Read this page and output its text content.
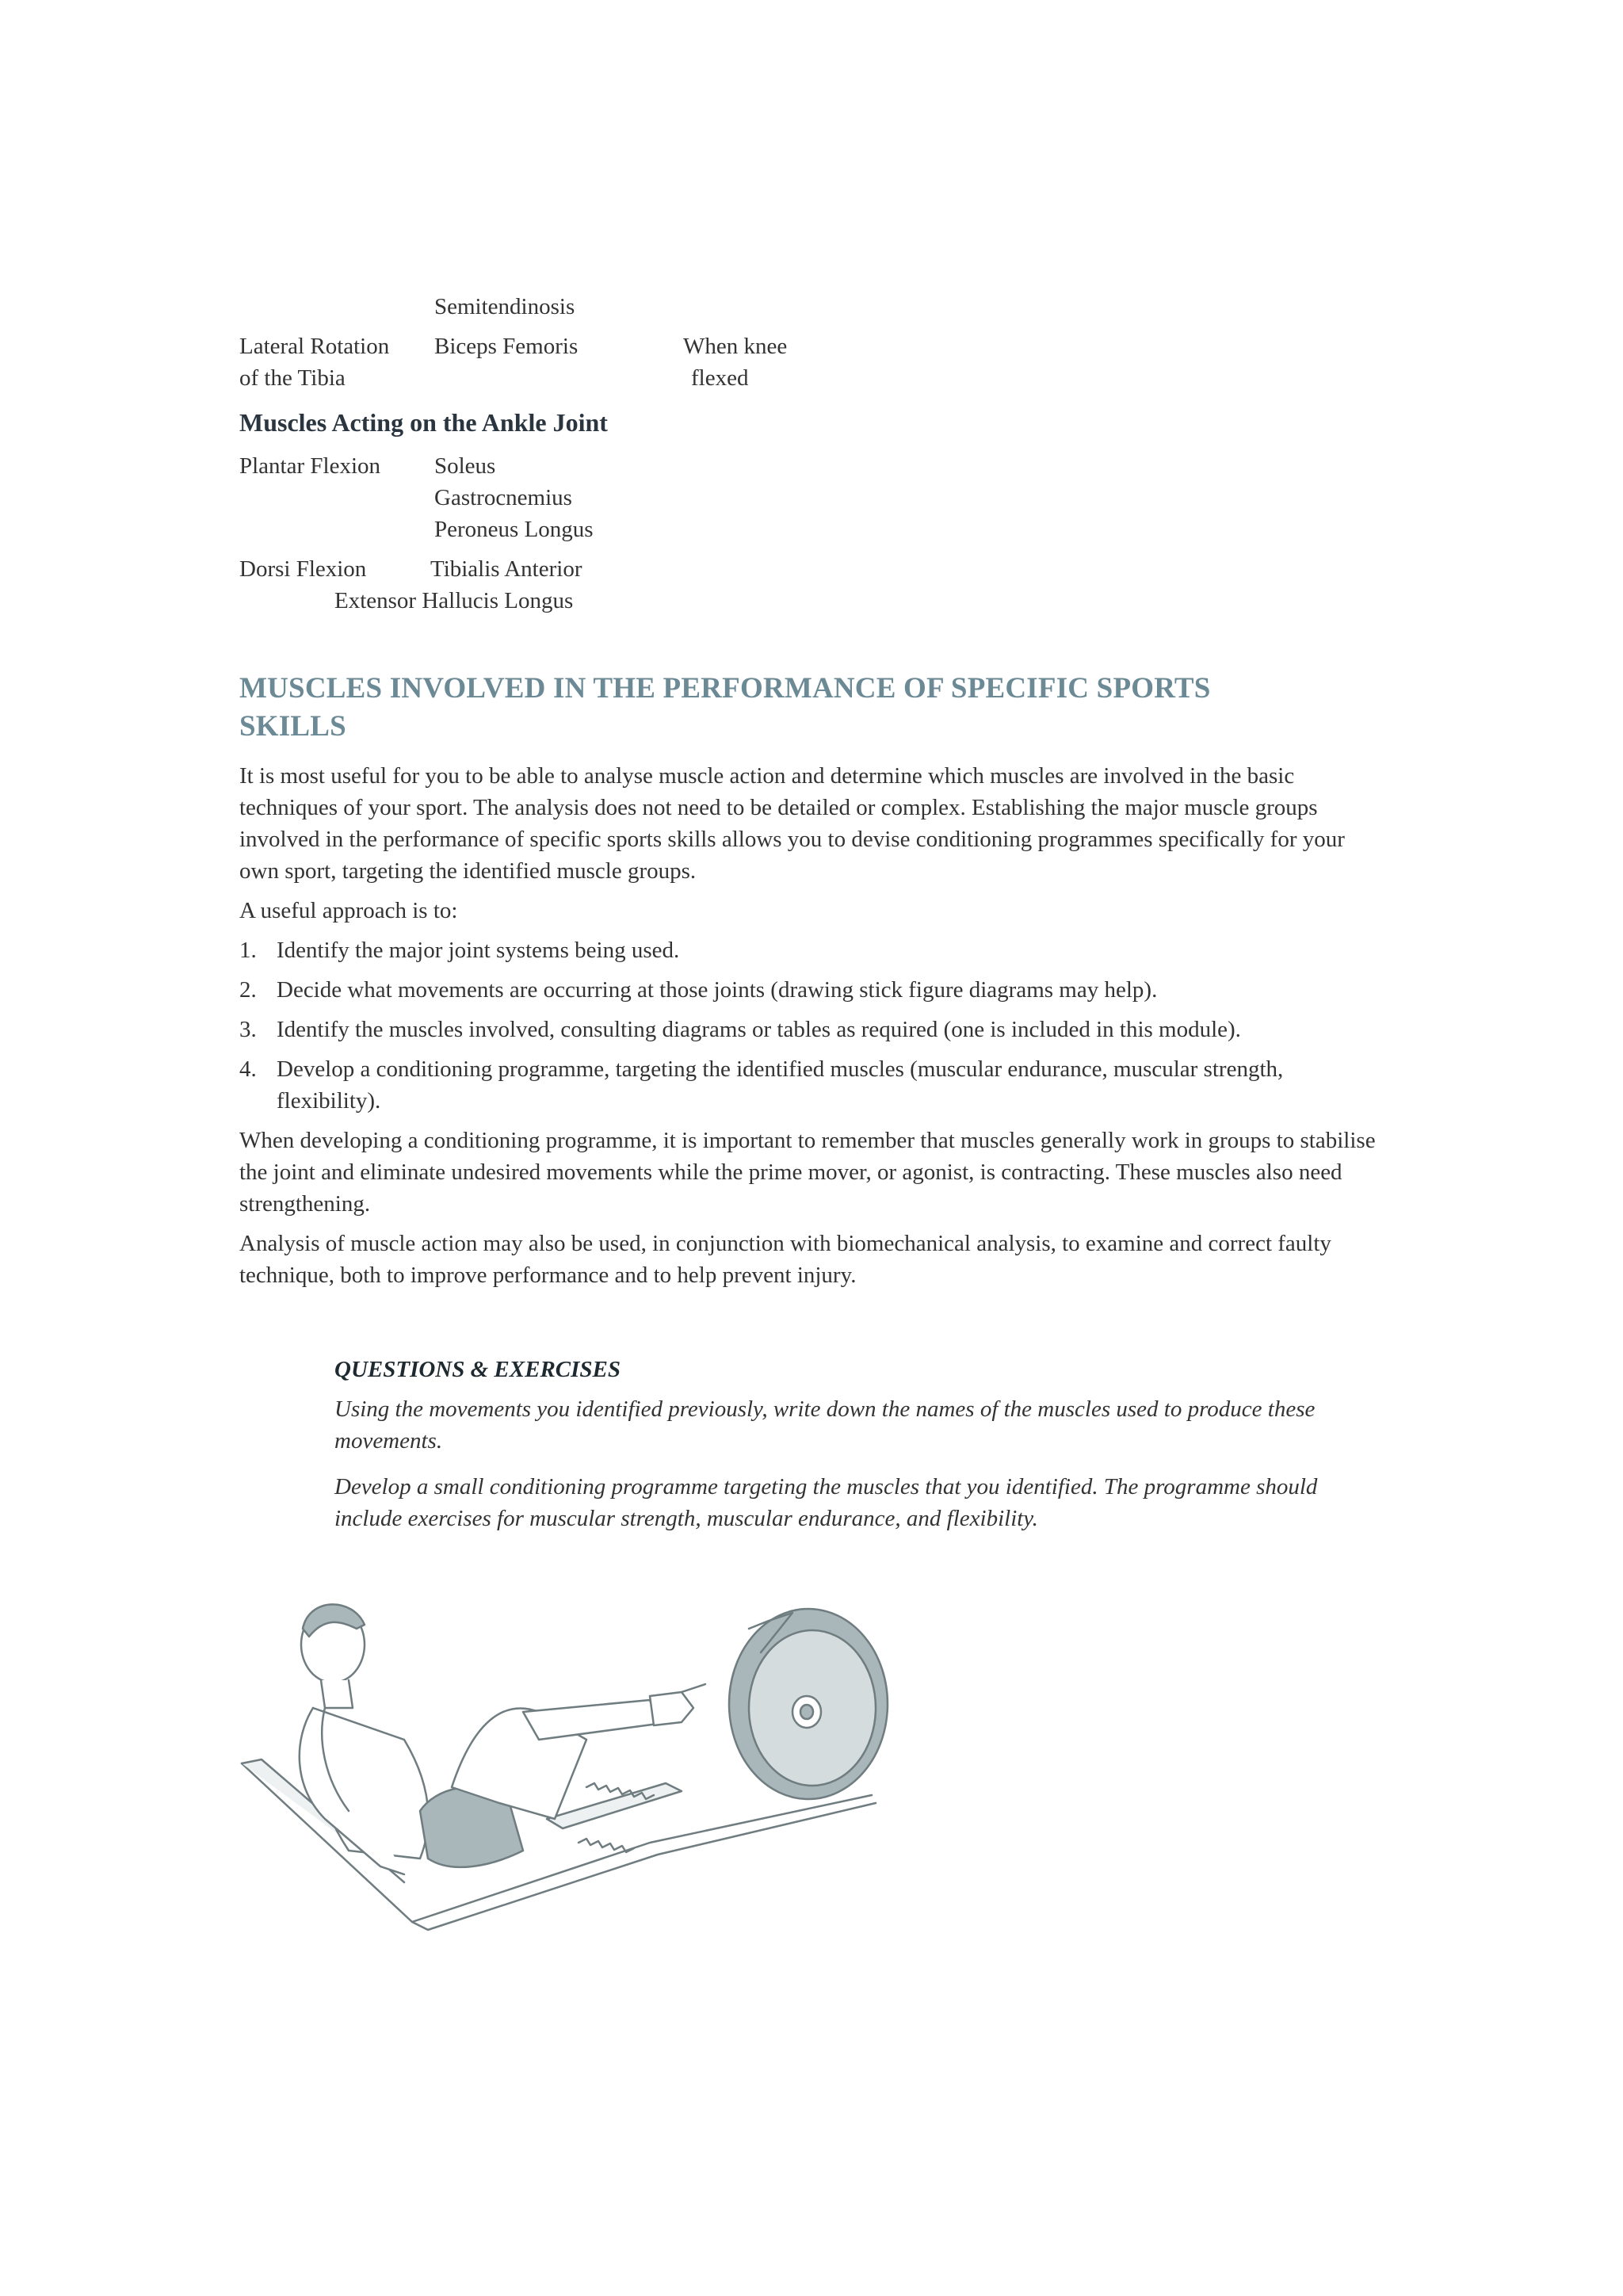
Semitendinosis
Lateral Rotation
of the Tibia
Biceps Femoris	When knee
flexed
Muscles Acting on the Ankle Joint
Plantar Flexion Soleus
Gastrocnemius
Peroneus Longus
Dorsi Flexion	Tibialis Anterior
Extensor Hallucis Longus
MUSCLES INVOLVED IN THE PERFORMANCE OF SPECIFIC SPORTS
SKILLS

It is most useful for you to be able to analyse muscle action and determine which muscles are involved in the basic techniques of your sport. The analysis does not need to be detailed or complex. Establishing the major muscle groups involved in the performance of specific sports skills allows you to devise conditioning programmes specifically for your own sport, targeting the identified muscle groups.

A useful approach is to:

1. Identify the major joint systems being used.
2. Decide what movements are occurring at those joints (drawing stick figure diagrams may help).
3. Identify the muscles involved, consulting diagrams or tables as required (one is included in this module).
4. Develop a conditioning programme, targeting the identified muscles (muscular endurance, muscular strength, flexibility).

When developing a conditioning programme, it is important to remember that muscles generally work in groups to stabilise the joint and eliminate undesired movements while the prime mover, or agonist, is contracting. These muscles also need strengthening.

Analysis of muscle action may also be used, in conjunction with biomechanical analysis, to examine and correct faulty technique, both to improve performance and to help prevent injury.

QUESTIONS & EXERCISES

Using the movements you identified previously, write down the names of the muscles used to produce these movements.

Develop a small conditioning programme targeting the muscles that you identified. The programme should include exercises for muscular strength, muscular endurance, and flexibility.
